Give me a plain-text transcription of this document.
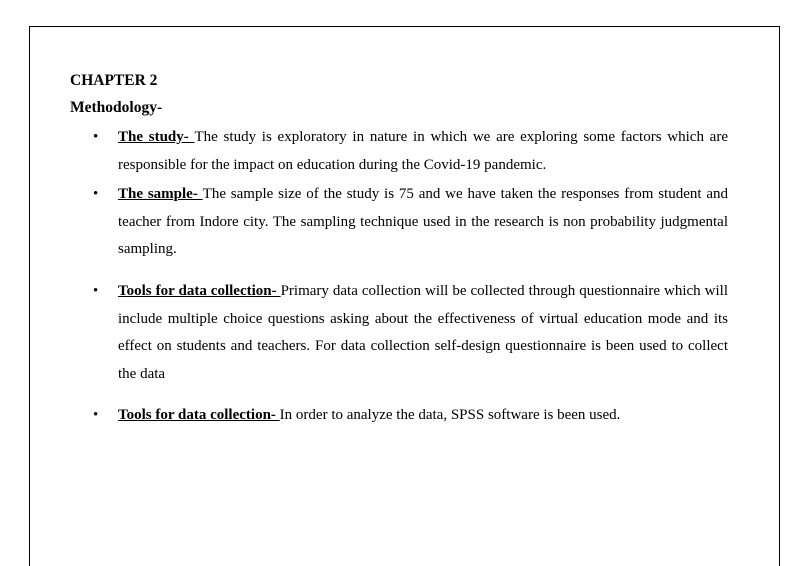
CHAPTER 2
Methodology-
• The study- The study is exploratory in nature in which we are exploring some factors which are responsible for the impact on education during the Covid-19 pandemic.
• The sample- The sample size of the study is 75 and we have taken the responses from student and teacher from Indore city. The sampling technique used in the research is non probability judgmental sampling.
• Tools for data collection- Primary data collection will be collected through questionnaire which will include multiple choice questions asking about the effectiveness of virtual education mode and its effect on students and teachers. For data collection self-design questionnaire is been used to collect the data
• Tools for data collection- In order to analyze the data, SPSS software is been used.
